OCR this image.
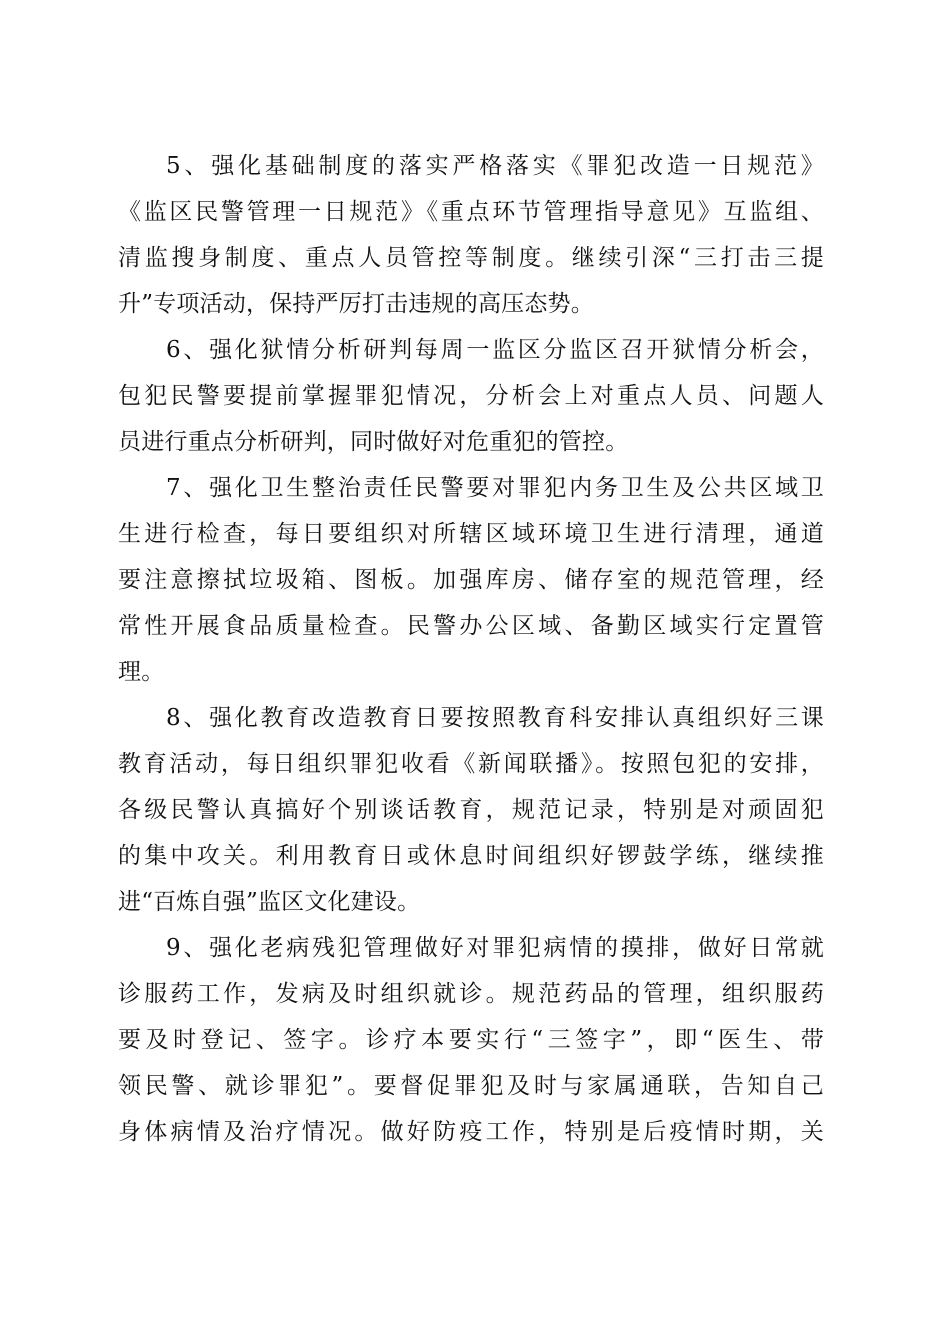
5、强化基础制度的落实严格落实《罪犯改造一日规范》
《监区民警管理一日规范》《重点环节管理指导意见》互监组、
清监搜身制度、重点人员管控等制度。继续引深“三打击三提
升”专项活动，保持严厉打击违规的高压态势。
6、强化狱情分析研判每周一监区分监区召开狱情分析会，
包犯民警要提前掌握罪犯情况，分析会上对重点人员、问题人
员进行重点分析研判，同时做好对危重犯的管控。
7、强化卫生整治责任民警要对罪犯内务卫生及公共区域卫
生进行检查，每日要组织对所辖区域环境卫生进行清理，通道
要注意擦拭垃圾箱、图板。加强库房、储存室的规范管理，经
常性开展食品质量检查。民警办公区域、备勤区域实行定置管
理。
8、强化教育改造教育日要按照教育科安排认真组织好三课
教育活动，每日组织罪犯收看《新闻联播》。按照包犯的安排，
各级民警认真搞好个别谈话教育，规范记录，特别是对顽固犯
的集中攻关。利用教育日或休息时间组织好锣鼓学练，继续推
进“百炼自强”监区文化建设。
9、强化老病残犯管理做好对罪犯病情的摸排，做好日常就
诊服药工作，发病及时组织就诊。规范药品的管理，组织服药
要及时登记、签字。诊疗本要实行“三签字”，即“医生、带
领民警、就诊罪犯”。要督促罪犯及时与家属通联，告知自己
身体病情及治疗情况。做好防疫工作，特别是后疫情时期，关
